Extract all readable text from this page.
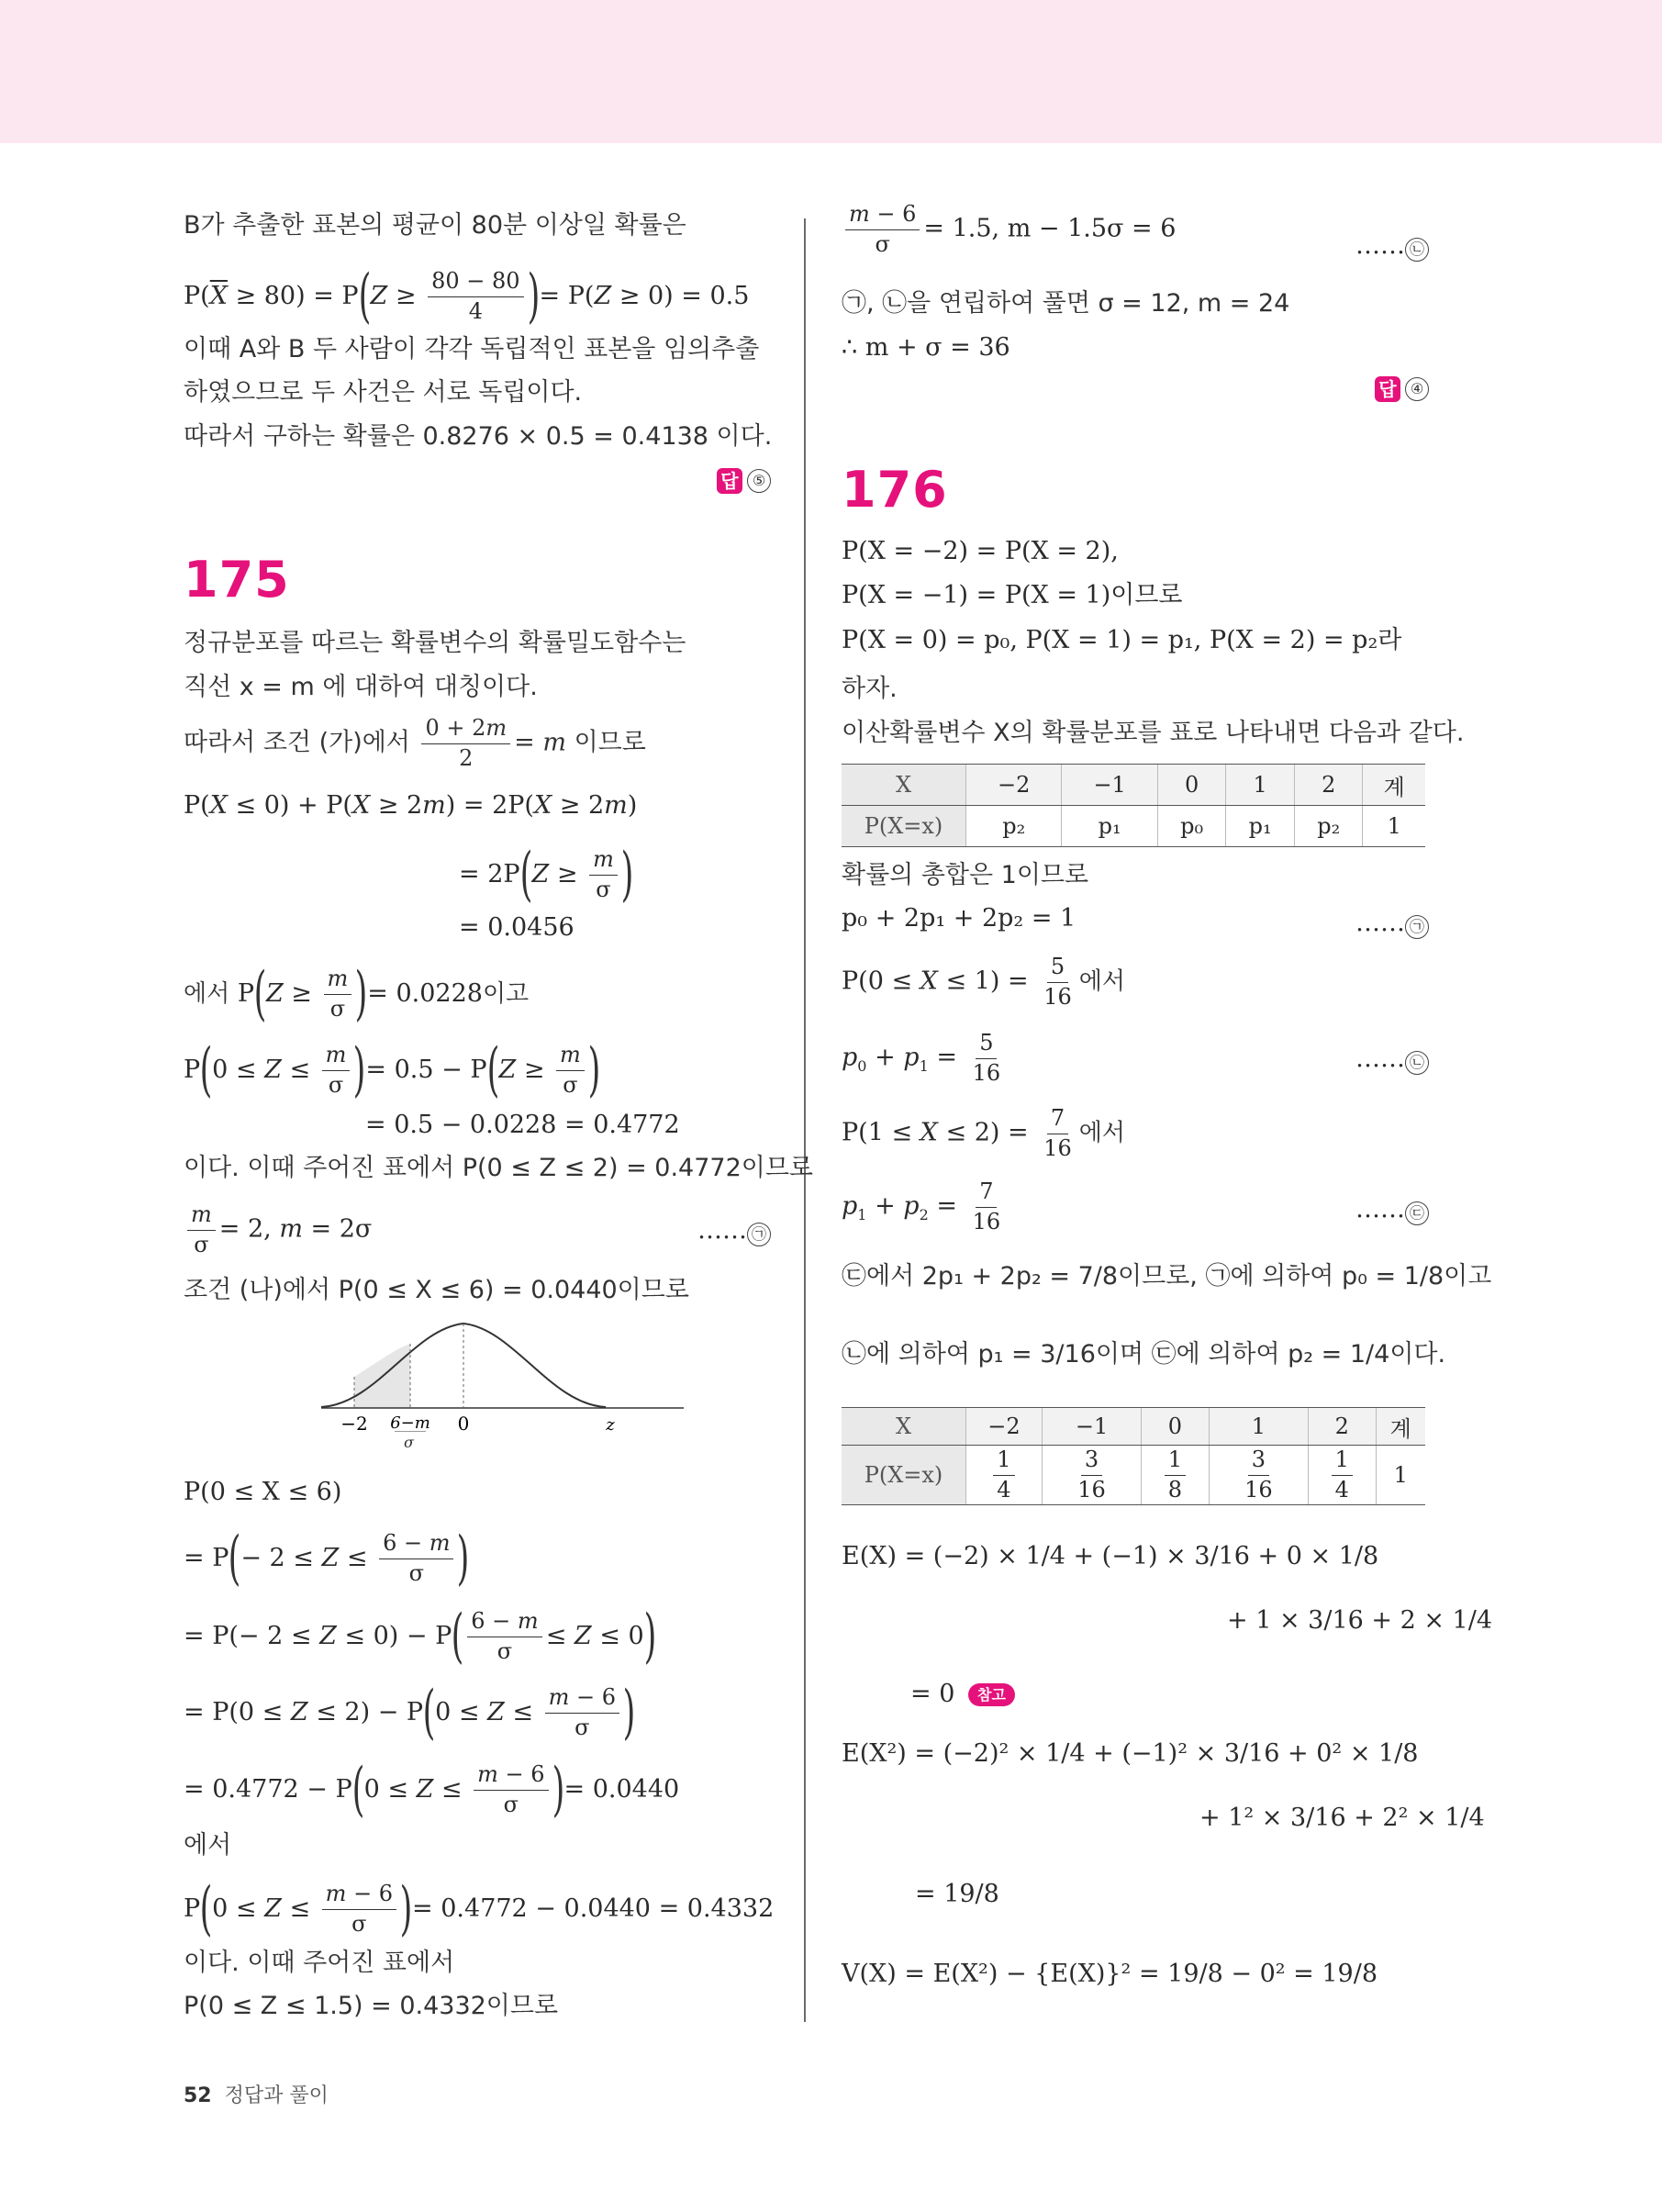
B가 추출한 표본의 평균이 80분 이상일 확률은
$P(\overline{X} \ge 80) = P(Z \ge \frac{80 - 80}{4}$ )= P(Z ≥ 0) = 0.5
이때 A와 B 두 사람이 각각 독립적인 표본을 임의추출
하였으므로 두 사건은 서로 독립이다.
따라서 구하는 확률은 0.8276 × 0.5 = 0.4138 이다.
답 ⑤
175
정규분포를 따르는 확률변수의 확률밀도함수는
직선 x = m 에 대하여 대칭이다.
따라서 조건 (가)에서 $\frac{0 + 2m}{2} = m$ 이므로
P(X ≤ 0) + P(X ≥ 2m) = 2P(X ≥ 2m)
= $2P(Z \ge \frac{m}{\sigma}$ )
= 0.0456
에서 $P(Z \ge \frac{m}{\sigma}$ )= 0.0228이고
$P(0 \le Z \le \frac{m}{\sigma}$ )= $0.5 - P(Z \ge \frac{m}{\sigma}$ )
= 0.5 − 0.0228 = 0.4772
이다. 이때 주어진 표에서 P(0 ≤ Z ≤ 2) = 0.4772이므로
$\frac{m}{\sigma} = 2$, m = 2σ	…… ㉠
조건 (나)에서 P(0 ≤ X ≤ 6) = 0.0440이므로
−2 6−m 0	z
σ
P(0 ≤ X ≤ 6)
= $P(- 2 \le Z \le \frac{6 - m}{\sigma}$ )
= $P(- 2 \le Z \le 0) - P( \frac{6 - m}{\sigma} \le Z \le 0)$
= $P(0 \le Z \le 2) - P(0 \le Z \le \frac{m - 6}{\sigma}$ )
= $0.4772 - P(0 \le Z \le \frac{m - 6}{\sigma}$ )= 0.0440
에서
$P(0 \le Z \le \frac{m - 6}{\sigma}$ )= 0.4772 − 0.0440 = 0.4332
이다. 이때 주어진 표에서
P(0 ≤ Z ≤ 1.5) = 0.4332이므로
$\frac{m - 6}{\sigma} = 1.5$, m − 1.5σ = 6
…… ㉡
㉠, ㉡을 연립하여 풀면 σ = 12, m = 24
∴ m + σ = 36
답 ④
176
P(X = −2) = P(X = 2),
P(X = −1) = P(X = 1)이므로
P(X = 0) = p₀, P(X = 1) = p₁, P(X = 2) = p₂라
하자.
이산확률변수 X의 확률분포를 표로 나타내면 다음과 같다.
X	−2	−1	0	1	2	계
P(X=x)	p₂	p₁	p₀	p₁	p₂	1
확률의 총합은 1이므로
p₀ + 2p₁ + 2p₂ = 1	…… ㉠
$P(0 \le X \le 1) = \frac{5}{16}$ 에서
$p_0 + p_1 = \frac{5}{16}$	…… ㉡
$P(1 \le X \le 2) = \frac{7}{16}$ 에서
$p_1 + p_2 = \frac{7}{16}$	…… ㉢
㉢에서 2p₁ + 2p₂ = 7/8이므로, ㉠에 의하여 p₀ = 1/8이고
㉡에 의하여 p₁ = 3/16이며 ㉢에 의하여 p₂ = 1/4이다.
X	−2	−1	0	1	2	계
P(X=x)	$\frac{1}{4}$	$\frac{3}{16}$	$\frac{1}{8}$	$\frac{3}{16}$	$\frac{1}{4}$	1
E(X) = (−2) × 1/4 + (−1) × 3/16 + 0 × 1/8
+ 1 × 3/16 + 2 × 1/4
= 0 참고
E(X²) = (−2)² × 1/4 + (−1)² × 3/16 + 0² × 1/8
+ 1² × 3/16 + 2² × 1/4
= 19/8
V(X) = E(X²) − {E(X)}² = 19/8 − 0² = 19/8
52 정답과 풀이
